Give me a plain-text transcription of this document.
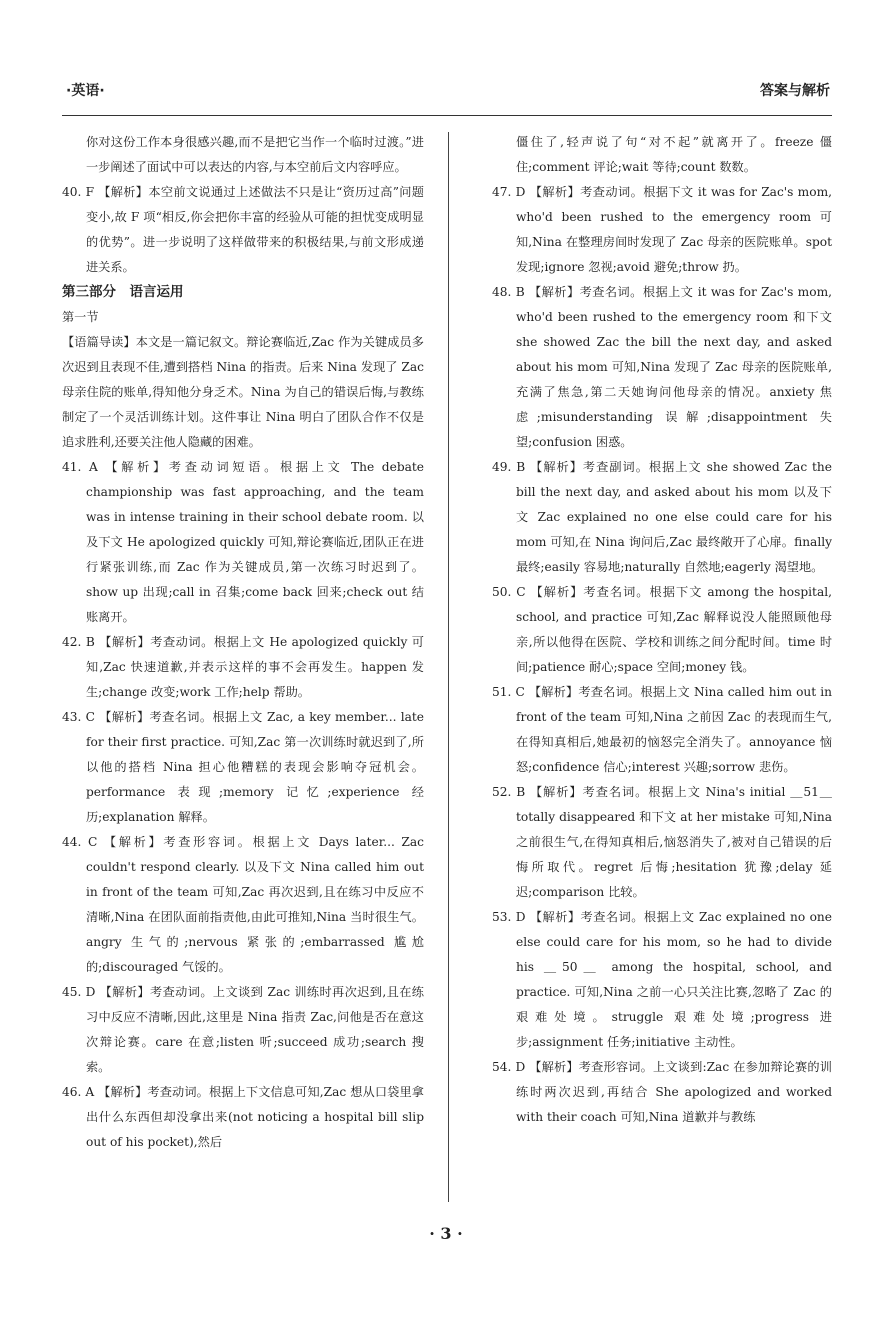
·英语·	答案与解析

你对这份工作本身很感兴趣,而不是把它当作一个临时过渡。”进一步阐述了面试中可以表达的内容,与本空前后文内容呼应。

40. F 【解析】本空前文说通过上述做法不只是让“资历过高”问题变小,故 F 项“相反,你会把你丰富的经验从可能的担忧变成明显的优势”。进一步说明了这样做带来的积极结果,与前文形成递进关系。

第三部分　语言运用

第一节

【语篇导读】本文是一篇记叙文。辩论赛临近,Zac 作为关键成员多次迟到且表现不佳,遭到搭档 Nina 的指责。后来 Nina 发现了 Zac 母亲住院的账单,得知他分身乏术。Nina 为自己的错误后悔,与教练制定了一个灵活训练计划。这件事让 Nina 明白了团队合作不仅是追求胜利,还要关注他人隐藏的困难。

41. A 【解析】考查动词短语。根据上文 The debate championship was fast approaching, and the team was in intense training in their school debate room. 以及下文 He apologized quickly 可知,辩论赛临近,团队正在进行紧张训练,而 Zac 作为关键成员,第一次练习时迟到了。show up 出现;call in 召集;come back 回来;check out 结账离开。

42. B 【解析】考查动词。根据上文 He apologized quickly 可知,Zac 快速道歉,并表示这样的事不会再发生。happen 发生;change 改变;work 工作;help 帮助。

43. C 【解析】考查名词。根据上文 Zac, a key member... late for their first practice. 可知,Zac 第一次训练时就迟到了,所以他的搭档 Nina 担心他糟糕的表现会影响夺冠机会。performance 表现;memory 记忆;experience 经历;explanation 解释。

44. C 【解析】考查形容词。根据上文 Days later... Zac couldn't respond clearly. 以及下文 Nina called him out in front of the team 可知,Zac 再次迟到,且在练习中反应不清晰,Nina 在团队面前指责他,由此可推知,Nina 当时很生气。angry 生气的;nervous 紧张的;embarrassed 尴尬的;discouraged 气馁的。

45. D 【解析】考查动词。上文谈到 Zac 训练时再次迟到,且在练习中反应不清晰,因此,这里是 Nina 指责 Zac,问他是否在意这次辩论赛。care 在意;listen 听;succeed 成功;search 搜索。

46. A 【解析】考查动词。根据上下文信息可知,Zac 想从口袋里拿出什么东西但却没拿出来(not noticing a hospital bill slip out of his pocket),然后

僵住了,轻声说了句“对不起”就离开了。freeze 僵住;comment 评论;wait 等待;count 数数。

47. D 【解析】考查动词。根据下文 it was for Zac's mom, who'd been rushed to the emergency room 可知,Nina 在整理房间时发现了 Zac 母亲的医院账单。spot 发现;ignore 忽视;avoid 避免;throw 扔。

48. B 【解析】考查名词。根据上文 it was for Zac's mom, who'd been rushed to the emergency room 和下文 she showed Zac the bill the next day, and asked about his mom 可知,Nina 发现了 Zac 母亲的医院账单,充满了焦急,第二天她询问他母亲的情况。anxiety 焦虑;misunderstanding 误解;disappointment 失望;confusion 困惑。

49. B 【解析】考查副词。根据上文 she showed Zac the bill the next day, and asked about his mom 以及下文 Zac explained no one else could care for his mom 可知,在 Nina 询问后,Zac 最终敞开了心扉。finally 最终;easily 容易地;naturally 自然地;eagerly 渴望地。

50. C 【解析】考查名词。根据下文 among the hospital, school, and practice 可知,Zac 解释说没人能照顾他母亲,所以他得在医院、学校和训练之间分配时间。time 时间;patience 耐心;space 空间;money 钱。

51. C 【解析】考查名词。根据上文 Nina called him out in front of the team 可知,Nina 之前因 Zac 的表现而生气,在得知真相后,她最初的恼怒完全消失了。annoyance 恼怒;confidence 信心;interest 兴趣;sorrow 悲伤。

52. B 【解析】考查名词。根据上文 Nina's initial ＿51＿ totally disappeared 和下文 at her mistake 可知,Nina 之前很生气,在得知真相后,恼怒消失了,被对自己错误的后悔所取代。regret 后悔;hesitation 犹豫;delay 延迟;comparison 比较。

53. D 【解析】考查名词。根据上文 Zac explained no one else could care for his mom, so he had to divide his ＿50＿ among the hospital, school, and practice. 可知,Nina 之前一心只关注比赛,忽略了 Zac 的艰难处境。struggle 艰难处境;progress 进步;assignment 任务;initiative 主动性。

54. D 【解析】考查形容词。上文谈到:Zac 在参加辩论赛的训练时两次迟到,再结合 She apologized and worked with their coach 可知,Nina 道歉并与教练

· 3 ·
